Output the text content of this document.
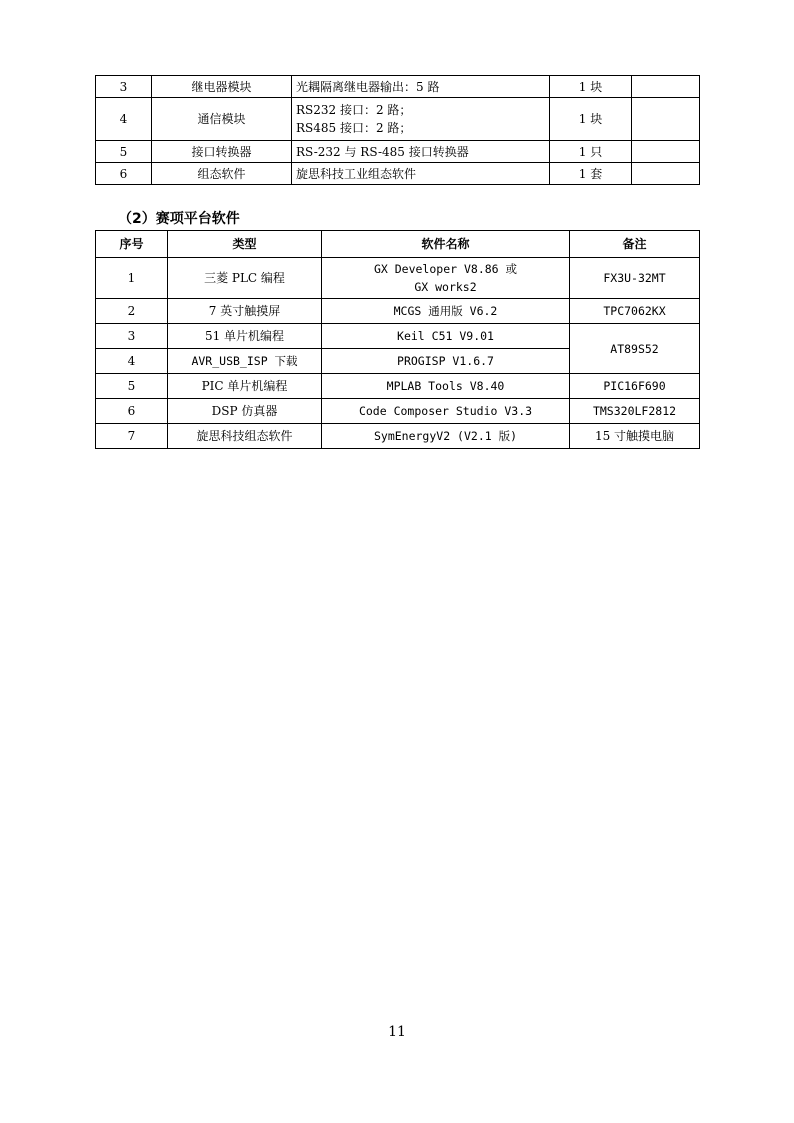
3	继电器模块	光耦隔离继电器输出：5 路	1 块	
4	通信模块	RS232 接口：2 路；
RS485 接口：2 路；	1 块	
5	接口转换器	RS-232 与 RS-485 接口转换器	1 只	
6	组态软件	旋思科技工业组态软件	1 套	
（2）赛项平台软件
序号	类型	软件名称	备注
1	三菱 PLC 编程	GX Developer V8.86 或
GX works2	FX3U-32MT
2	7 英寸触摸屏	MCGS 通用版 V6.2	TPC7062KX
3	51 单片机编程	Keil C51 V9.01	AT89S52
4	AVR_USB_ISP 下载	PROGISP V1.6.7	
5	PIC 单片机编程	MPLAB Tools V8.40	PIC16F690
6	DSP 仿真器	Code Composer Studio V3.3	TMS320LF2812
7	旋思科技组态软件	SymEnergyV2 (V2.1 版)	15 寸触摸电脑
11
